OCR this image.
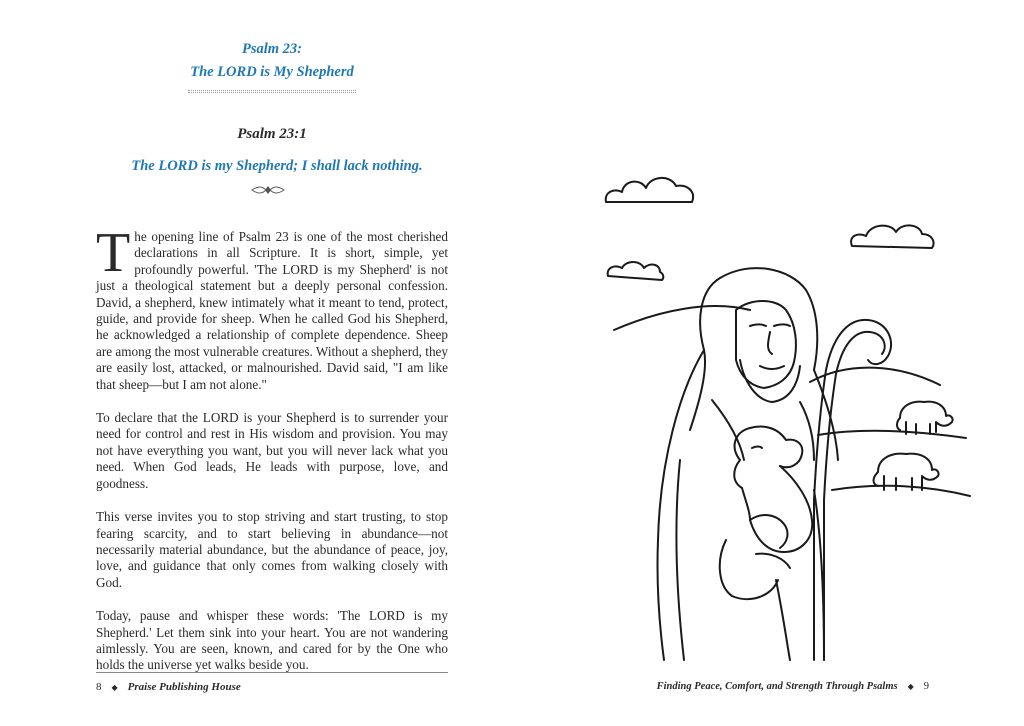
Psalm 23:

The LORD is My Shepherd

Psalm 23:1
The LORD is my Shepherd; I shall lack nothing.

The opening line of Psalm 23 is one of the most cherished declarations in all Scripture. It is short, simple, yet profoundly powerful. 'The LORD is my Shepherd' is not just a theological statement but a deeply personal confession. David, a shepherd, knew intimately what it meant to tend, protect, guide, and provide for sheep. When he called God his Shepherd, he acknowledged a relationship of complete dependence. Sheep are among the most vulnerable creatures. Without a shepherd, they are easily lost, attacked, or malnourished. David said, "I am like that sheep—but I am not alone."

To declare that the LORD is your Shepherd is to surrender your need for control and rest in His wisdom and provision. You may not have everything you want, but you will never lack what you need. When God leads, He leads with purpose, love, and goodness.

This verse invites you to stop striving and start trusting, to stop fearing scarcity, and to start believing in abundance—not necessarily material abundance, but the abundance of peace, joy, love, and guidance that only comes from walking closely with God.

Today, pause and whisper these words: 'The LORD is my Shepherd.' Let them sink into your heart. You are not wandering aimlessly. You are seen, known, and cared for by the One who holds the universe yet walks beside you.

8 ◆ Praise Publishing House	Finding Peace, Comfort, and Strength Through Psalms ◆ 9
